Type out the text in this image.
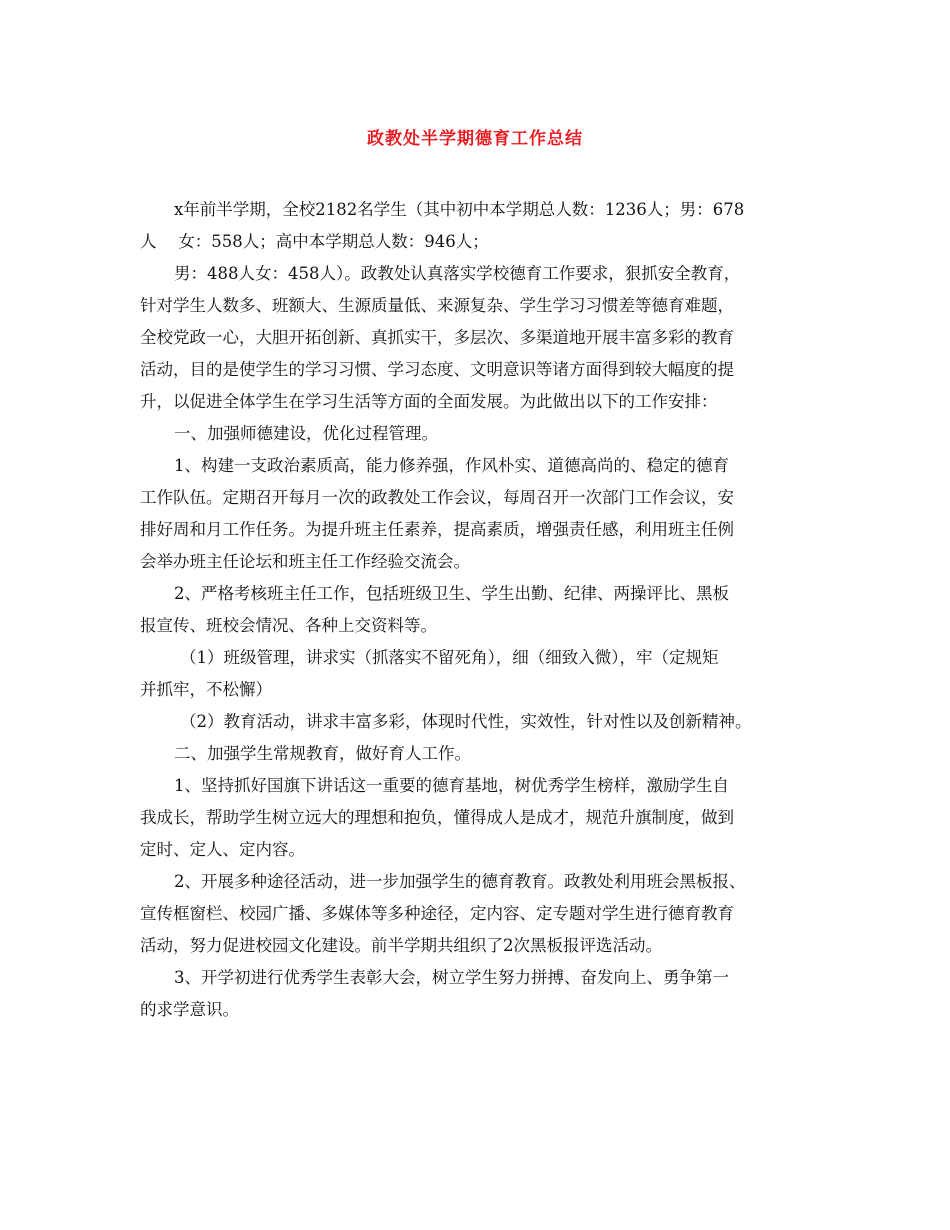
政教处半学期德育工作总结
x年前半学期，全校2182名学生（其中初中本学期总人数：1236人；男：678
人　 女：558人；高中本学期总人数：946人；
男：488人女：458人）。政教处认真落实学校德育工作要求，狠抓安全教育，
针对学生人数多、班额大、生源质量低、来源复杂、学生学习习惯差等德育难题，
全校党政一心，大胆开拓创新、真抓实干，多层次、多渠道地开展丰富多彩的教育
活动，目的是使学生的学习习惯、学习态度、文明意识等诸方面得到较大幅度的提
升，以促进全体学生在学习生活等方面的全面发展。为此做出以下的工作安排：
一、加强师德建设，优化过程管理。
1、构建一支政治素质高，能力修养强，作风朴实、道德高尚的、稳定的德育
工作队伍。定期召开每月一次的政教处工作会议，每周召开一次部门工作会议，安
排好周和月工作任务。为提升班主任素养，提高素质，增强责任感，利用班主任例
会举办班主任论坛和班主任工作经验交流会。
2、严格考核班主任工作，包括班级卫生、学生出勤、纪律、两操评比、黑板
报宣传、班校会情况、各种上交资料等。
（1）班级管理，讲求实（抓落实不留死角），细（细致入微），牢（定规矩
并抓牢，不松懈）
（2）教育活动，讲求丰富多彩，体现时代性，实效性，针对性以及创新精神。
二、加强学生常规教育，做好育人工作。
1、坚持抓好国旗下讲话这一重要的德育基地，树优秀学生榜样，激励学生自
我成长，帮助学生树立远大的理想和抱负，懂得成人是成才，规范升旗制度，做到
定时、定人、定内容。
2、开展多种途径活动，进一步加强学生的德育教育。政教处利用班会黑板报、
宣传框窗栏、校园广播、多媒体等多种途径，定内容、定专题对学生进行德育教育
活动，努力促进校园文化建设。前半学期共组织了2次黑板报评选活动。
3、开学初进行优秀学生表彰大会，树立学生努力拼搏、奋发向上、勇争第一
的求学意识。
